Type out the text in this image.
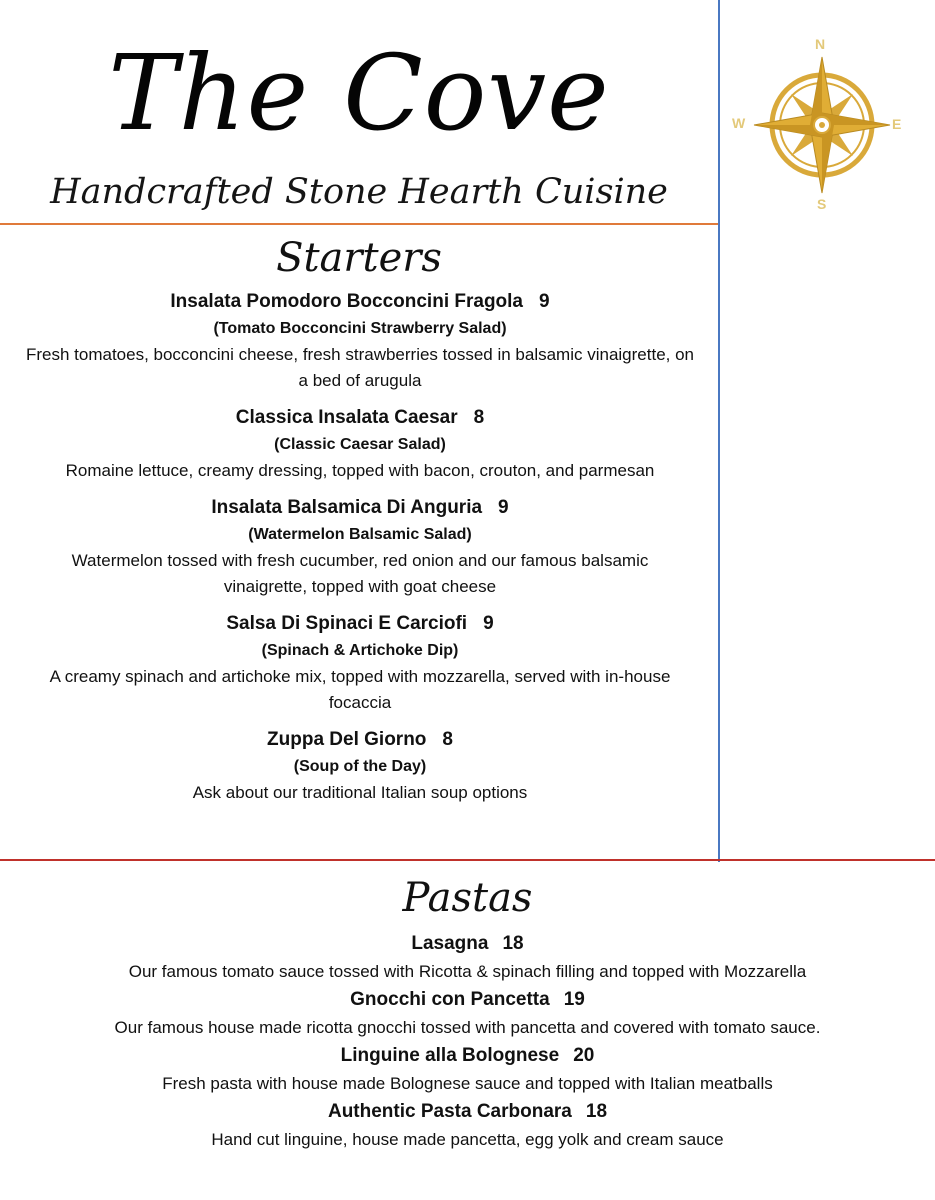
The Cove
Handcrafted Stone Hearth Cuisine
N
S
E
W
Starters
Insalata Pomodoro Bocconcini Fragola 9
(Tomato Bocconcini Strawberry Salad)
Fresh tomatoes, bocconcini cheese, fresh strawberries tossed in balsamic vinaigrette, on a bed of arugula
Classica Insalata Caesar 8
(Classic Caesar Salad)
Romaine lettuce, creamy dressing, topped with bacon, crouton, and parmesan
Insalata Balsamica Di Anguria 9
(Watermelon Balsamic Salad)
Watermelon tossed with fresh cucumber, red onion and our famous balsamic vinaigrette, topped with goat cheese
Salsa Di Spinaci E Carciofi 9
(Spinach & Artichoke Dip)
A creamy spinach and artichoke mix, topped with mozzarella, served with in-house focaccia
Zuppa Del Giorno 8
(Soup of the Day)
Ask about our traditional Italian soup options
Pastas
Lasagna 18
Our famous tomato sauce tossed with Ricotta & spinach filling and topped with Mozzarella
Gnocchi con Pancetta 19
Our famous house made ricotta gnocchi tossed with pancetta and covered with tomato sauce.
Linguine alla Bolognese 20
Fresh pasta with house made Bolognese sauce and topped with Italian meatballs
Authentic Pasta Carbonara 18
Hand cut linguine, house made pancetta, egg yolk and cream sauce
